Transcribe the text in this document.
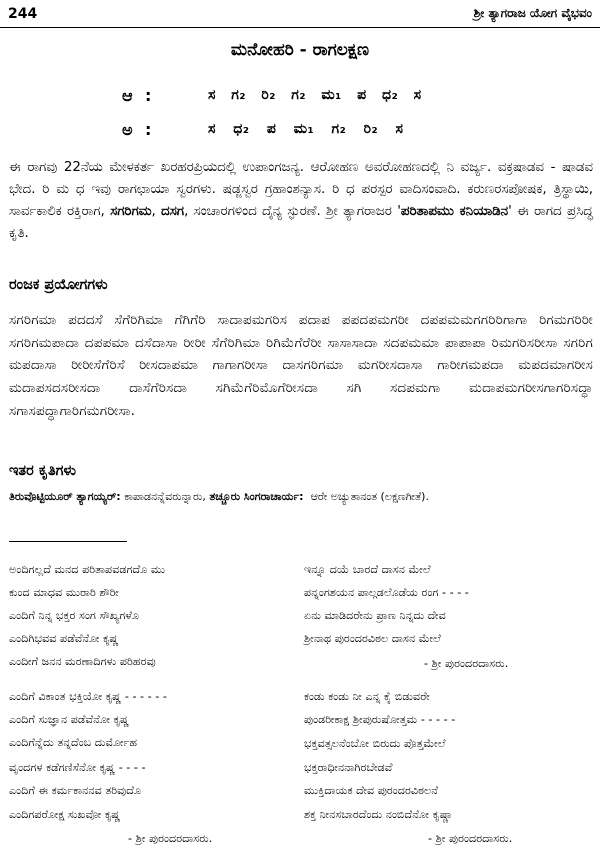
244	ಶ್ರೀ ತ್ಯಾಗರಾಜ ಯೋಗ ವೈಭವಂ
ಮನೋಹರಿ - ರಾಗಲಕ್ಷಣ
ಆ :	ಸ ಗ₂ ರಿ₂ ಗ₂ ಮ₁ ಪ ಧ₂ ಸ
ಅ :	ಸ ಧ₂ ಪ ಮ₁ ಗ₂ ರಿ₂ ಸ
ಈ ರಾಗವು 22ನೆಯ ಮೇಳಕರ್ತ ಖರಹರಪ್ರಿಯದಲ್ಲಿ ಉಪಾಂಗಜನ್ಯ. ಆರೋಹಣ ಅವರೋಹಣದಲ್ಲಿ ನಿ ವರ್ಜ್ಯ. ವಕ್ರಷಾಡವ - ಷಾಡವ ಭೇದ. ರಿ ಮ ಧ ಇವು ರಾಗಛಾಯಾ ಸ್ವರಗಳು. ಷಡ್ಜಸ್ವರ ಗ್ರಹಾಂಶನ್ಯಾಸ. ರಿ ಧ ಪರಸ್ಪರ ವಾದಿಸಂವಾದಿ. ಕರುಣರಸಪೋಷಕ, ತ್ರಿಸ್ಥಾಯಿ, ಸಾರ್ವಕಾಲಿಕ ರಕ್ತಿರಾಗ, ಸಗರಿಗಮ, ದಸಗ, ಸಂಚಾರಗಳಿಂದ ದೈನ್ಯ ಸ್ಫುರಣೆ. ಶ್ರೀ ತ್ಯಾಗರಾಜರ 'ಪರಿತಾಪಮು ಕನಿಯಾಡಿನ' ಈ ರಾಗದ ಪ್ರಸಿದ್ಧ ಕೃತಿ.
ರಂಜಕ ಪ್ರಯೋಗಗಳು
ಸಗರಿಗಮಾ ಪದದಸೆ ಸೆಗೆರಿಗಿಮಾ ಗೆಗಿಗೆರಿ ಸಾದಾಪಮಗರಿಸ ಪದಾಪ ಪಪದಪಮಗರೀ ದಪಪಮಮಗಗರಿರಿಗಾಗಾ ರಿಗಮಗರಿರೀ ಸಗರಿಗಮಪಾದಾ ದಪಪಮಾ ದಸೆದಾಸಾ ರೀರೀ ಸೆಗೆರಿಗಿಮಾ ರಿಗಿಮೆಗೆರೆರೀ ಸಾಸಾಸಾದಾ ಸದಪಮಮಾ ಪಾಪಾಪಾ ರಿಮಗರಿಸರೀಸಾ ಸಗರಿಗ ಮಪದಾಸಾ ರೀರೀಸೆಗೆರಿಸೆ ರೀಸದಾಪಮಾ ಗಾಗಾಗರೀಸಾ ದಾಸಗರಿಗಮಾ ಮಗರೀಸದಾಸಾ ಗಾರೀಗಮಪದಾ ಮಪದಮಾಗರೀಸ ಮದಾಪಸದಸರೀಸದಾ ದಾಸೆಗೆರಿಸದಾ ಸಗಿಮೆಗೆರಿಮೊಗೆರೀಸದಾ ಸಗಿ ಸದಪಮಗಾ ಮದಾಪಮಗರೀಸಗಾಗರಿಸದ್ಧಾ ಸಗಾಸಪದ್ಧಾಗಾರಿಗಮಗರೀಸಾ.
ಇತರ ಕೃತಿಗಳು
ತಿರುವೊಟ್ಟಿಯೂರ್ ತ್ಯಾಗಯ್ಯರ್: ಕಾಪಾಡನನ್ನೆವರುನ್ನಾರು, ತಚ್ಚೂರು ಸಿಂಗರಾಚಾರ್ಯ: ಆರೇ ಅಚ್ಯುತಾನಂತ (ಲಕ್ಷಣಗೀತೆ).
ಅಂದಿಗಲ್ಲದೆ ಮನದ ಪರಿತಾಪವಡಗದೊ ಮು
ಕುಂದ ಮಾಧವ ಮುರಾರಿ ಶೌರೀ
ಎಂದಿಗೆ ನಿನ್ನ ಭಕ್ತರ ಸಂಗ ಸೌಖ್ಯಗಳೊ
ಎಂದಿಗಿಭವವ ಪಡೆವೆನೋ ಕೃಷ್ಣ
ಎಂದೀಗೆ ಜನನ ಮರಣಾದಿಗಳು ಪರಿಹರವು
ಎಂದಿಗೆ ವಿಕಾಂತ ಭಕ್ತಿಯೋ ಕೃಷ್ಣ - - - - - -
ಎಂದಿಗೆ ಸುಜ್ಞಾನ ಪಡೆವೆನೋ ಕೃಷ್ಣ
ಎಂದಿಗೆನ್ನೆದು ತನ್ನದೆಂಬ ದುರ್ಮೋಹ
ವೃಂದಗಳ ಕಡೆಗಣಿಸೆನೋ ಕೃಷ್ಣ - - - -
ಎಂದಿಗೆ ಈ ಕರ್ಮಕಾನನವ ತರಿವುದೊ
ಎಂದಿಗಪರೋಕ್ಷ ಸುಖವೋ ಕೃಷ್ಣ
- ಶ್ರೀ ಪುರಂದರದಾಸರು.
ಇನ್ನೂ ದಯೆ ಬಾರದೆ ದಾಸನ ಮೇಲೆ
ಪನ್ನಂಗಶಯನ ಪಾಲ್ಗಡಲೊಡೆಯ ರಂಗ - - - -
ಏನು ಮಾಡಿದರೇನು ಪ್ರಾಣ ನಿನ್ನದು ದೇವ
ಶ್ರೀನಾಥ ಪುರಂದರವಿಠಲ ದಾಸನ ಮೇಲೆ
- ಶ್ರೀ ಪುರಂದರದಾಸರು.
ಕಂಡು ಕಂಡು ನೀ ಎನ್ನ ಕೈ ಬಿಡುವರೇ
ಪುಂಡರೀಕಾಕ್ಷ ಶ್ರೀಪುರುಷೋತ್ತಮ - - - - -
ಭಕ್ತವತ್ಸಲನೆಂಬೋ ಬಿರುದು ಪೊತ್ತಮೇಲೆ
ಭಕ್ತರಾಧೀನನಾಗಿರಬೇಡವೆ
ಮುಕ್ತಿದಾಯಕ ದೇವ ಪುರಂದರವಿಠಲನೆ
ಶಕ್ತ ನೀನಸಬಾರದೆಂದು ನಂಬಿದೆನೋ ಕೃಷ್ಣಾ
- ಶ್ರೀ ಪುರಂದರದಾಸರು.
